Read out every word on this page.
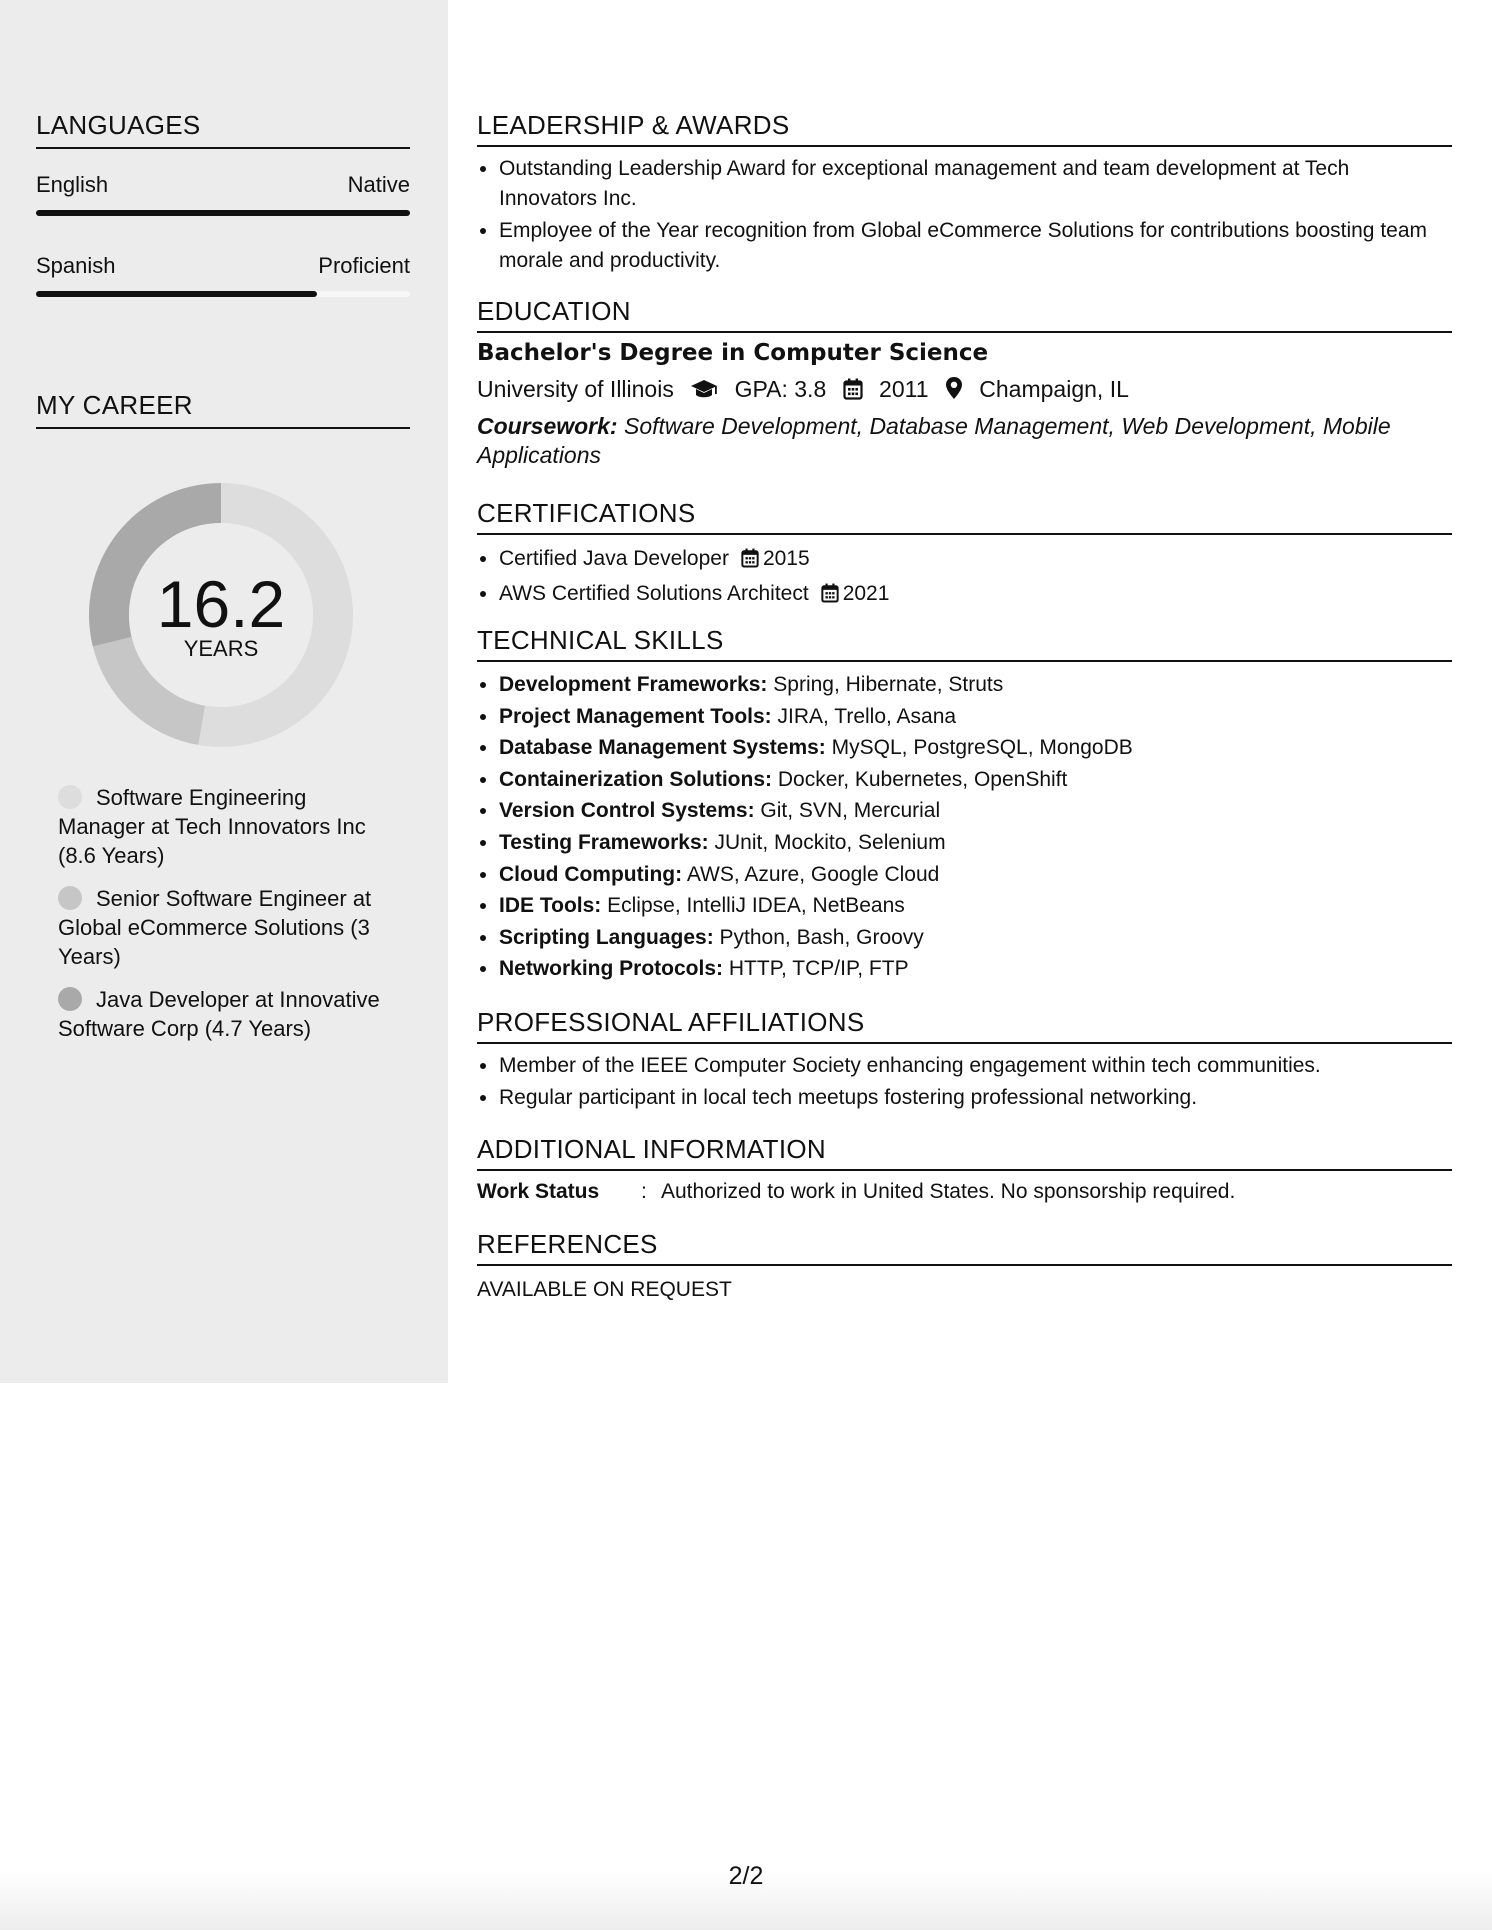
LANGUAGES
English	Native
Spanish	Proficient
MY CAREER
16.2
YEARS
Software Engineering Manager at Tech Innovators Inc (8.6 Years)
Senior Software Engineer at Global eCommerce Solutions (3 Years)
Java Developer at Innovative Software Corp (4.7 Years)
LEADERSHIP & AWARDS
• Outstanding Leadership Award for exceptional management and team development at Tech Innovators Inc.
• Employee of the Year recognition from Global eCommerce Solutions for contributions boosting team morale and productivity.
EDUCATION
Bachelor's Degree in Computer Science
University of Illinois	GPA: 3.8 2011 Champaign, IL
Coursework: Software Development, Database Management, Web Development, Mobile Applications
CERTIFICATIONS
• Certified Java Developer 2015
• AWS Certified Solutions Architect 2021
TECHNICAL SKILLS
• Development Frameworks: Spring, Hibernate, Struts
• Project Management Tools: JIRA, Trello, Asana
• Database Management Systems: MySQL, PostgreSQL, MongoDB
• Containerization Solutions: Docker, Kubernetes, OpenShift
• Version Control Systems: Git, SVN, Mercurial
• Testing Frameworks: JUnit, Mockito, Selenium
• Cloud Computing: AWS, Azure, Google Cloud
• IDE Tools: Eclipse, IntelliJ IDEA, NetBeans
• Scripting Languages: Python, Bash, Groovy
• Networking Protocols: HTTP, TCP/IP, FTP
PROFESSIONAL AFFILIATIONS
• Member of the IEEE Computer Society enhancing engagement within tech communities.
• Regular participant in local tech meetups fostering professional networking.
ADDITIONAL INFORMATION
Work Status : Authorized to work in United States. No sponsorship required.
REFERENCES
AVAILABLE ON REQUEST
2/2
